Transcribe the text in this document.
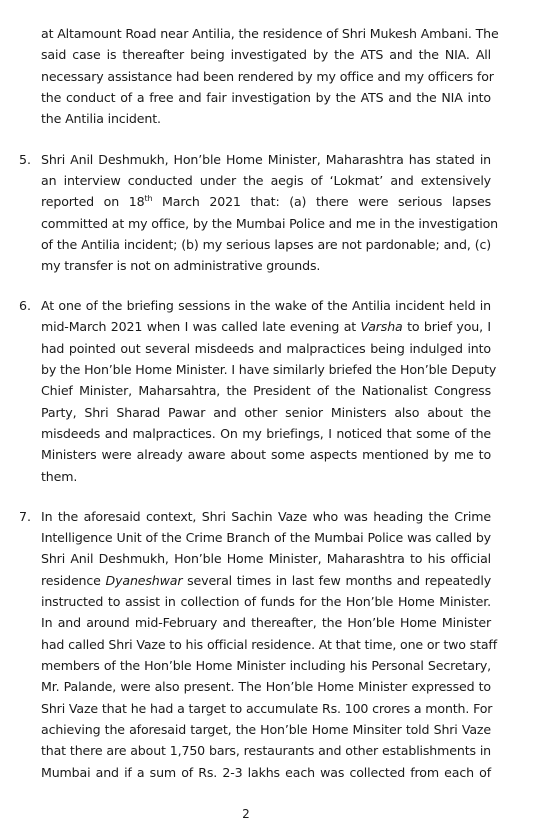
at Altamount Road near Antilia, the residence of Shri Mukesh Ambani. The
said case is thereafter being investigated by the ATS and the NIA. All
necessary assistance had been rendered by my office and my officers for
the conduct of a free and fair investigation by the ATS and the NIA into
the Antilia incident.
5. Shri Anil Deshmukh, Hon’ble Home Minister, Maharashtra has stated in
an interview conducted under the aegis of ‘Lokmat’ and extensively
reported on 18th March 2021 that: (a) there were serious lapses
committed at my office, by the Mumbai Police and me in the investigation
of the Antilia incident; (b) my serious lapses are not pardonable; and, (c)
my transfer is not on administrative grounds.
6. At one of the briefing sessions in the wake of the Antilia incident held in
mid-March 2021 when I was called late evening at Varsha to brief you, I
had pointed out several misdeeds and malpractices being indulged into
by the Hon’ble Home Minister. I have similarly briefed the Hon’ble Deputy
Chief Minister, Maharsahtra, the President of the Nationalist Congress
Party, Shri Sharad Pawar and other senior Ministers also about the
misdeeds and malpractices. On my briefings, I noticed that some of the
Ministers were already aware about some aspects mentioned by me to
them.
7. In the aforesaid context, Shri Sachin Vaze who was heading the Crime
Intelligence Unit of the Crime Branch of the Mumbai Police was called by
Shri Anil Deshmukh, Hon’ble Home Minister, Maharashtra to his official
residence Dyaneshwar several times in last few months and repeatedly
instructed to assist in collection of funds for the Hon’ble Home Minister.
In and around mid-February and thereafter, the Hon’ble Home Minister
had called Shri Vaze to his official residence. At that time, one or two staff
members of the Hon’ble Home Minister including his Personal Secretary,
Mr. Palande, were also present. The Hon’ble Home Minister expressed to
Shri Vaze that he had a target to accumulate Rs. 100 crores a month. For
achieving the aforesaid target, the Hon’ble Home Minsiter told Shri Vaze
that there are about 1,750 bars, restaurants and other establishments in
Mumbai and if a sum of Rs. 2-3 lakhs each was collected from each of
2
